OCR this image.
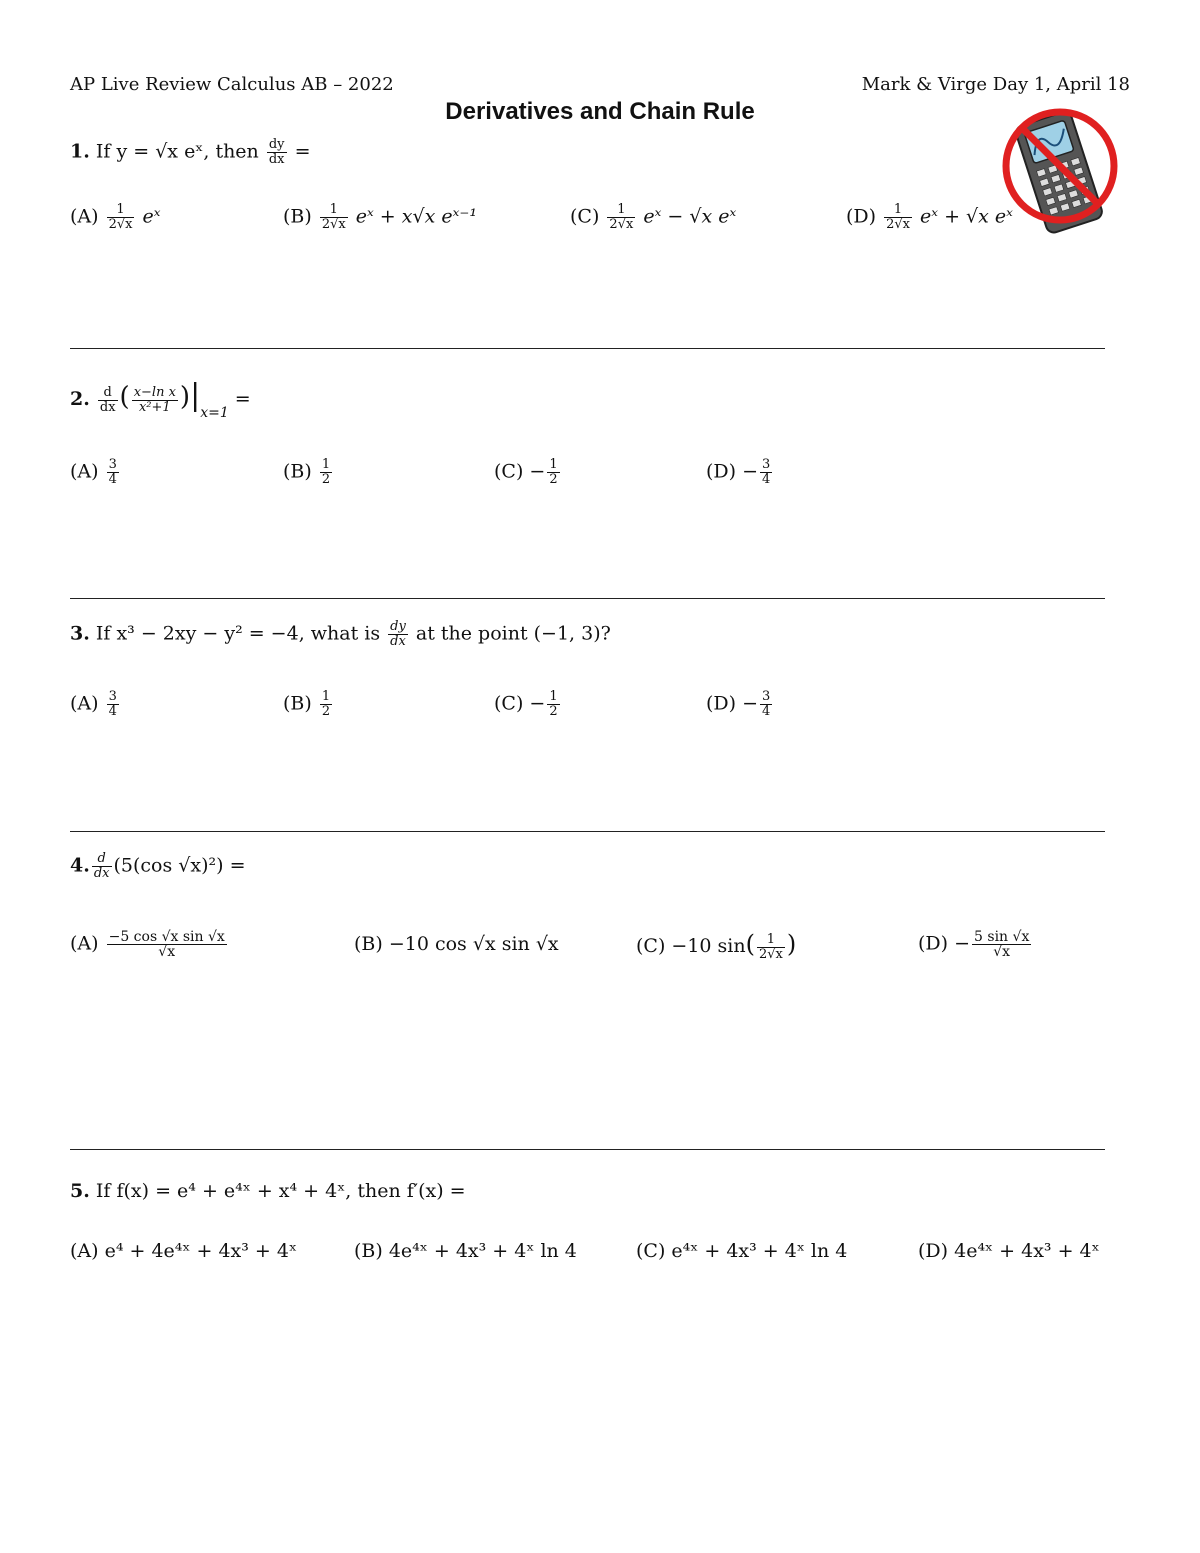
AP Live Review Calculus AB – 2022	Mark & Virge Day 1, April 18
Derivatives and Chain Rule
1. If y = √x eˣ, then $\frac{dy}{dx}$ =
$(A) \frac{1}{2√x}$ eˣ	$(B) \frac{1}{2√x}$ eˣ + x√x eˣ⁻¹	$(C) \frac{1}{2√x}$ eˣ − √x eˣ	$(D) \frac{1}{2√x}$ eˣ + √x eˣ
2. $\frac{d}{dx}$ ( $\frac{\text{x−ln x}}{\text{x²+1}} )|_{x=1}$ =
$(A) \frac{3}{4}$	$(B) \frac{1}{2}$	$(C) - \frac{1}{2}$	$(D) - \frac{3}{4}$
3. If x³ − 2xy − y² = −4, what is $\frac{dy}{dx}$ at the point (−1, 3)?
$(A) \frac{3}{4}$	$(B) \frac{1}{2}$	$(C) - \frac{1}{2}$	$(D) - \frac{3}{4}$
4. $\frac{d}{dx} (5(\cos$ √x)²) =
$(A) \frac{\text{−5 cos √x sin √x}}{√x}$	(B) −10 cos √x sin √x	(C) −10 $\sin( \frac{1}{2√x}$ )	$(D) - \frac{5 \sin √x}{√x}$
5. If f(x) = e⁴ + e⁴ˣ + x⁴ + 4ˣ, then f′(x) =
(A) e⁴ + 4e⁴ˣ + 4x³ + 4ˣ	(B) 4e⁴ˣ + 4x³ + 4ˣ ln 4	(C) e⁴ˣ + 4x³ + 4ˣ ln 4	(D) 4e⁴ˣ + 4x³ + 4ˣ
